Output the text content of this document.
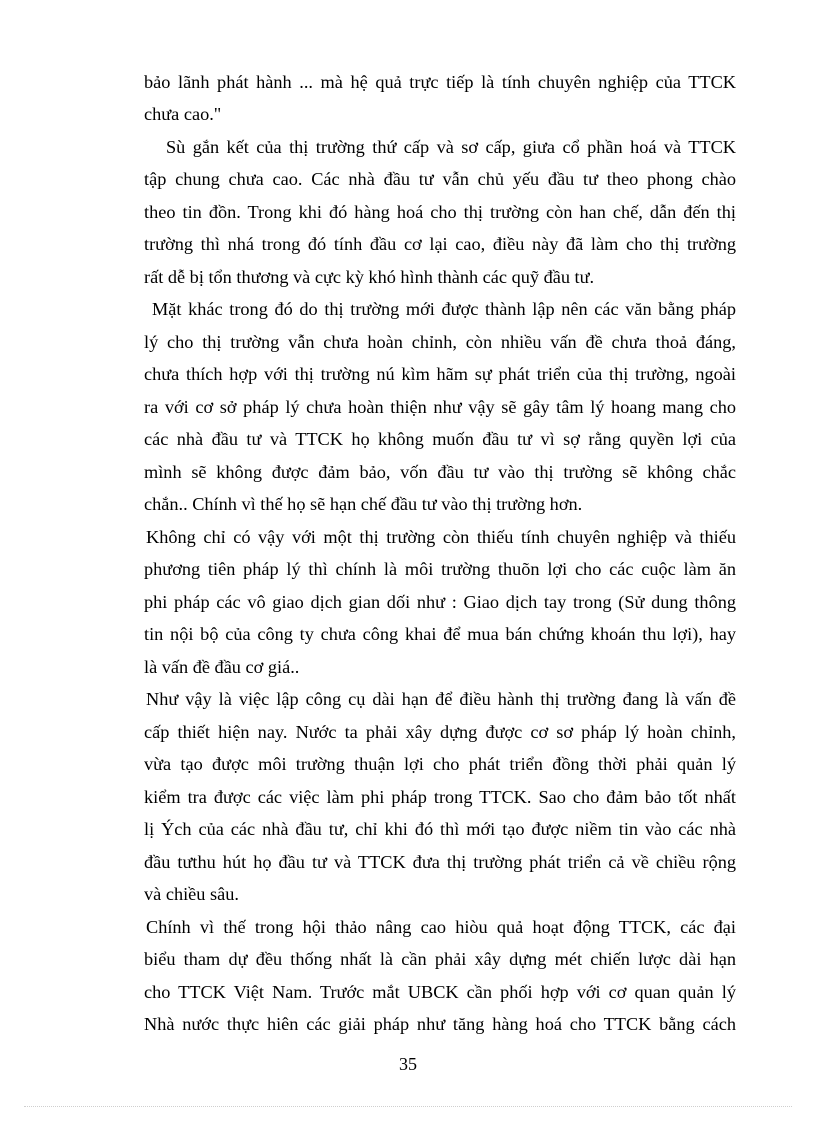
bảo lãnh phát hành ... mà hệ quả trực tiếp là tính chuyên nghiệp của TTCK
chưa cao."
Sù gắn kết của thị trường thứ cấp và sơ cấp, giưa cổ phần hoá và TTCK
tập chung chưa cao. Các nhà đầu tư vẫn chủ yếu đầu tư theo phong chào
theo tin đồn. Trong khi đó hàng hoá cho thị trường còn han chế, dẫn đến thị
trường thì nhá trong đó tính đầu cơ lại cao, điều này đã làm cho thị trường
rất dễ bị tổn thương và cực kỳ khó hình thành các quỹ đầu tư.
Mặt khác trong đó do thị trường mới được thành lập nên các văn bằng pháp
lý cho thị trường vẫn chưa hoàn chỉnh, còn nhiều vấn đề chưa thoả đáng,
chưa thích hợp với thị trường nú kìm hãm sự phát triển của thị trường, ngoài
ra với cơ sở pháp lý chưa hoàn thiện như vậy sẽ gây tâm lý hoang mang cho
các nhà đầu tư và TTCK họ không muốn đầu tư vì sợ rằng quyền lợi của
mình sẽ không được đảm bảo, vốn đầu tư vào thị trường sẽ không chắc
chắn.. Chính vì thế họ sẽ hạn chế đầu tư vào thị trường hơn.
Không chỉ có vậy với một thị trường còn thiếu tính chuyên nghiệp và thiếu
phương tiên pháp lý thì chính là môi trường thuõn lợi cho các cuộc làm ăn
phi pháp các vô giao dịch gian dối như : Giao dịch tay trong (Sử dung thông
tin nội bộ của công ty chưa công khai để mua bán chứng khoán thu lợi), hay
là vấn đề đầu cơ giá..
Như vậy là việc lập công cụ dài hạn để điều hành thị trường đang là vấn đề
cấp thiết hiện nay. Nước ta phải xây dựng được cơ sơ pháp lý hoàn chỉnh,
vừa tạo được môi trường thuận lợi cho phát triển đồng thời phải quản lý
kiểm tra được các việc làm phi pháp trong TTCK. Sao cho đảm bảo tốt nhất
lị Ých của các nhà đầu tư, chỉ khi đó thì mới tạo được niềm tin vào các nhà
đầu tưthu hút họ đầu tư và TTCK đưa thị trường phát triển cả về chiều rộng
và chiều sâu.
Chính vì thế trong hội thảo nâng cao hiòu quả hoạt động TTCK, các đại
biểu tham dự đều thống nhất là cần phải xây dựng mét chiến lược dài hạn
cho TTCK Việt Nam. Trước mắt UBCK cần phối hợp với cơ quan quản lý
Nhà nước thực hiên các giải pháp như tăng hàng hoá cho TTCK bằng cách
35
